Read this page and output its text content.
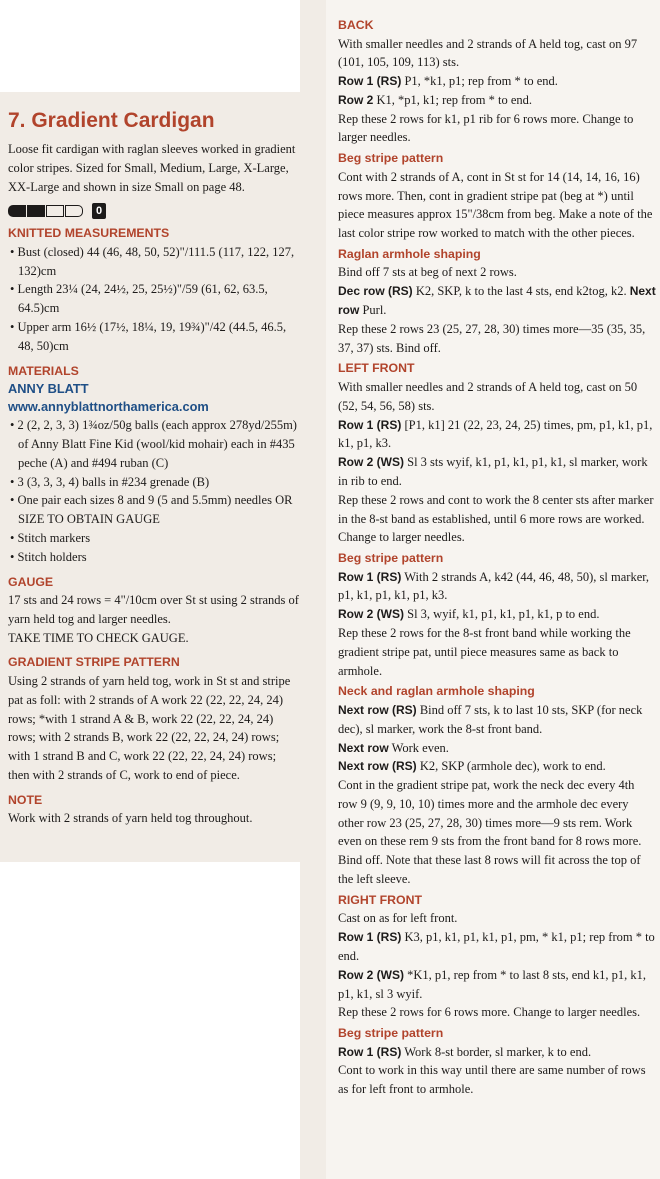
7. Gradient Cardigan

Loose fit cardigan with raglan sleeves worked in gradient color stripes. Sized for Small, Medium, Large, X-Large, XX-Large and shown in size Small on page 48.

0
KNITTED MEASUREMENTS
• Bust (closed) 44 (46, 48, 50, 52)"/111.5 (117, 122, 127, 132)cm
• Length 23¼ (24, 24½, 25, 25½)"/59 (61, 62, 63.5, 64.5)cm
• Upper arm 16½ (17½, 18¼, 19, 19¾)"/42 (44.5, 46.5, 48, 50)cm
MATERIALS
ANNY BLATT
www.annyblattnorthamerica.com
• 2 (2, 2, 3, 3) 1¾oz/50g balls (each approx 278yd/255m) of Anny Blatt Fine Kid (wool/kid mohair) each in #435 peche (A) and #494 ruban (C)
• 3 (3, 3, 3, 4) balls in #234 grenade (B)
• One pair each sizes 8 and 9 (5 and 5.5mm) needles OR SIZE TO OBTAIN GAUGE
• Stitch markers
• Stitch holders
GAUGE

17 sts and 24 rows = 4"/10cm over St st using 2 strands of yarn held tog and larger needles.

TAKE TIME TO CHECK GAUGE.

GRADIENT STRIPE PATTERN

Using 2 strands of yarn held tog, work in St st and stripe pat as foll: with 2 strands of A work 22 (22, 22, 24, 24) rows; *with 1 strand A & B, work 22 (22, 22, 24, 24) rows; with 2 strands B, work 22 (22, 22, 24, 24) rows; with 1 strand B and C, work 22 (22, 22, 24, 24) rows; then with 2 strands of C, work to end of piece.

NOTE

Work with 2 strands of yarn held tog throughout.

BACK

With smaller needles and 2 strands of A held tog, cast on 97 (101, 105, 109, 113) sts.

Row 1 (RS) P1, *k1, p1; rep from * to end.

Row 2 K1, *p1, k1; rep from * to end.

Rep these 2 rows for k1, p1 rib for 6 rows more. Change to larger needles.

Beg stripe pattern

Cont with 2 strands of A, cont in St st for 14 (14, 14, 16, 16) rows more. Then, cont in gradient stripe pat (beg at *) until piece measures approx 15"/38cm from beg. Make a note of the last color stripe row worked to match with the other pieces.

Raglan armhole shaping

Bind off 7 sts at beg of next 2 rows.

Dec row (RS) K2, SKP, k to the last 4 sts, end k2tog, k2. Next row Purl.

Rep these 2 rows 23 (25, 27, 28, 30) times more—35 (35, 35, 37, 37) sts. Bind off.

LEFT FRONT

With smaller needles and 2 strands of A held tog, cast on 50 (52, 54, 56, 58) sts.

Row 1 (RS) [P1, k1] 21 (22, 23, 24, 25) times, pm, p1, k1, p1, k1, p1, k3.

Row 2 (WS) Sl 3 sts wyif, k1, p1, k1, p1, k1, sl marker, work in rib to end.

Rep these 2 rows and cont to work the 8 center sts after marker in the 8-st band as established, until 6 more rows are worked. Change to larger needles.

Beg stripe pattern

Row 1 (RS) With 2 strands A, k42 (44, 46, 48, 50), sl marker, p1, k1, p1, k1, p1, k3.

Row 2 (WS) Sl 3, wyif, k1, p1, k1, p1, k1, p to end.

Rep these 2 rows for the 8-st front band while working the gradient stripe pat, until piece measures same as back to armhole.

Neck and raglan armhole shaping

Next row (RS) Bind off 7 sts, k to last 10 sts, SKP (for neck dec), sl marker, work the 8-st front band.

Next row Work even.

Next row (RS) K2, SKP (armhole dec), work to end.

Cont in the gradient stripe pat, work the neck dec every 4th row 9 (9, 9, 10, 10) times more and the armhole dec every other row 23 (25, 27, 28, 30) times more—9 sts rem. Work even on these rem 9 sts from the front band for 8 rows more. Bind off. Note that these last 8 rows will fit across the top of the left sleeve.

RIGHT FRONT

Cast on as for left front.

Row 1 (RS) K3, p1, k1, p1, k1, p1, pm, * k1, p1; rep from * to end.

Row 2 (WS) *K1, p1, rep from * to last 8 sts, end k1, p1, k1, p1, k1, sl 3 wyif.

Rep these 2 rows for 6 rows more. Change to larger needles.

Beg stripe pattern

Row 1 (RS) Work 8-st border, sl marker, k to end.

Cont to work in this way until there are same number of rows as for left front to armhole.
